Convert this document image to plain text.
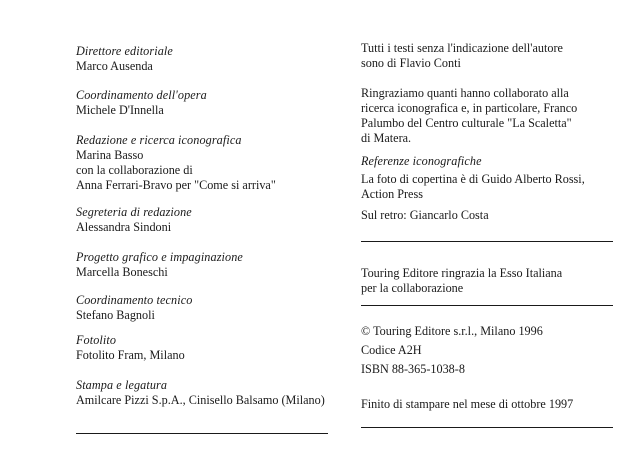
Direttore editoriale
Marco Ausenda
Coordinamento dell'opera
Michele D'Innella
Redazione e ricerca iconografica
Marina Basso
con la collaborazione di
Anna Ferrari-Bravo per "Come si arriva"
Segreteria di redazione
Alessandra Sindoni
Progetto grafico e impaginazione
Marcella Boneschi
Coordinamento tecnico
Stefano Bagnoli
Fotolito
Fotolito Fram, Milano
Stampa e legatura
Amilcare Pizzi S.p.A., Cinisello Balsamo (Milano)
Tutti i testi senza l'indicazione dell'autore
sono di Flavio Conti
Ringraziamo quanti hanno collaborato alla
ricerca iconografica e, in particolare, Franco
Palumbo del Centro culturale "La Scaletta"
di Matera.
Referenze iconografiche
La foto di copertina è di Guido Alberto Rossi,
Action Press
Sul retro: Giancarlo Costa
Touring Editore ringrazia la Esso Italiana
per la collaborazione
© Touring Editore s.r.l., Milano 1996
Codice A2H
ISBN 88-365-1038-8
Finito di stampare nel mese di ottobre 1997
